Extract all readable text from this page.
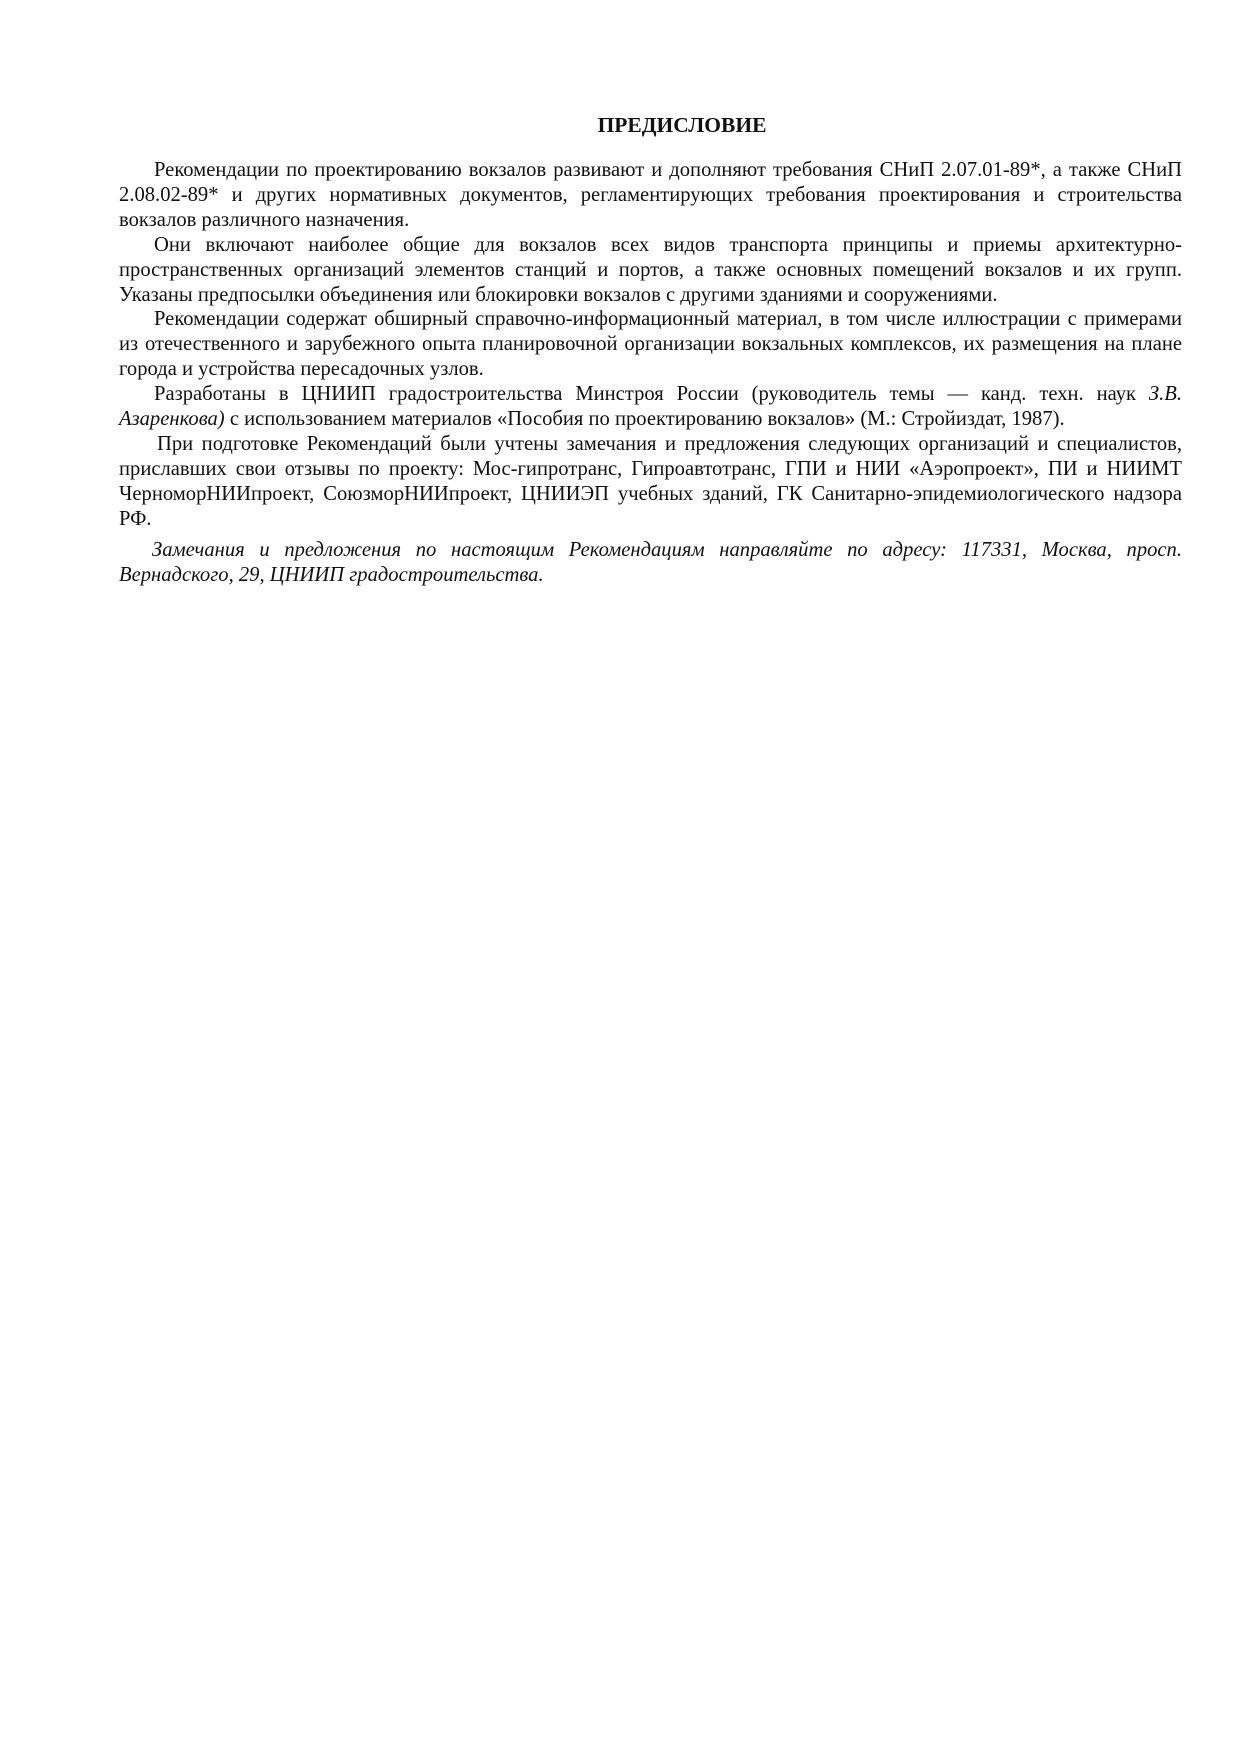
ПРЕДИСЛОВИЕ

Рекомендации по проектированию вокзалов развивают и дополняют требования СНиП 2.07.01-89*, а также СНиП 2.08.02-89* и других нормативных документов, регламентирующих требования проектирования и строительства вокзалов различного назначения.

Они включают наиболее общие для вокзалов всех видов транспорта принципы и приемы архитектурно-пространственных организаций элементов станций и портов, а также основных помещений вокзалов и их групп. Указаны предпосылки объединения или блокировки вокзалов с другими зданиями и сооружениями.

Рекомендации содержат обширный справочно-информационный материал, в том числе иллюстрации с примерами из отечественного и зарубежного опыта планировочной организации вокзальных комплексов, их размещения на плане города и устройства пересадочных узлов.

Разработаны в ЦНИИП градостроительства Минстроя России (руководитель темы — канд. техн. наук З.В. Азаренкова) с использованием материалов «Пособия по проектированию вокзалов» (М.: Стройиздат, 1987).

При подготовке Рекомендаций были учтены замечания и предложения следующих организаций и специалистов, приславших свои отзывы по проекту: Мос-гипротранс, Гипроавтотранс, ГПИ и НИИ «Аэропроект», ПИ и НИИМТ ЧерноморНИИпроект, СоюзморНИИпроект, ЦНИИЭП учебных зданий, ГК Санитарно-эпидемиологического надзора РФ.

Замечания и предложения по настоящим Рекомендациям направляйте по адресу: 117331, Москва, просп. Вернадского, 29, ЦНИИП градостроительства.
